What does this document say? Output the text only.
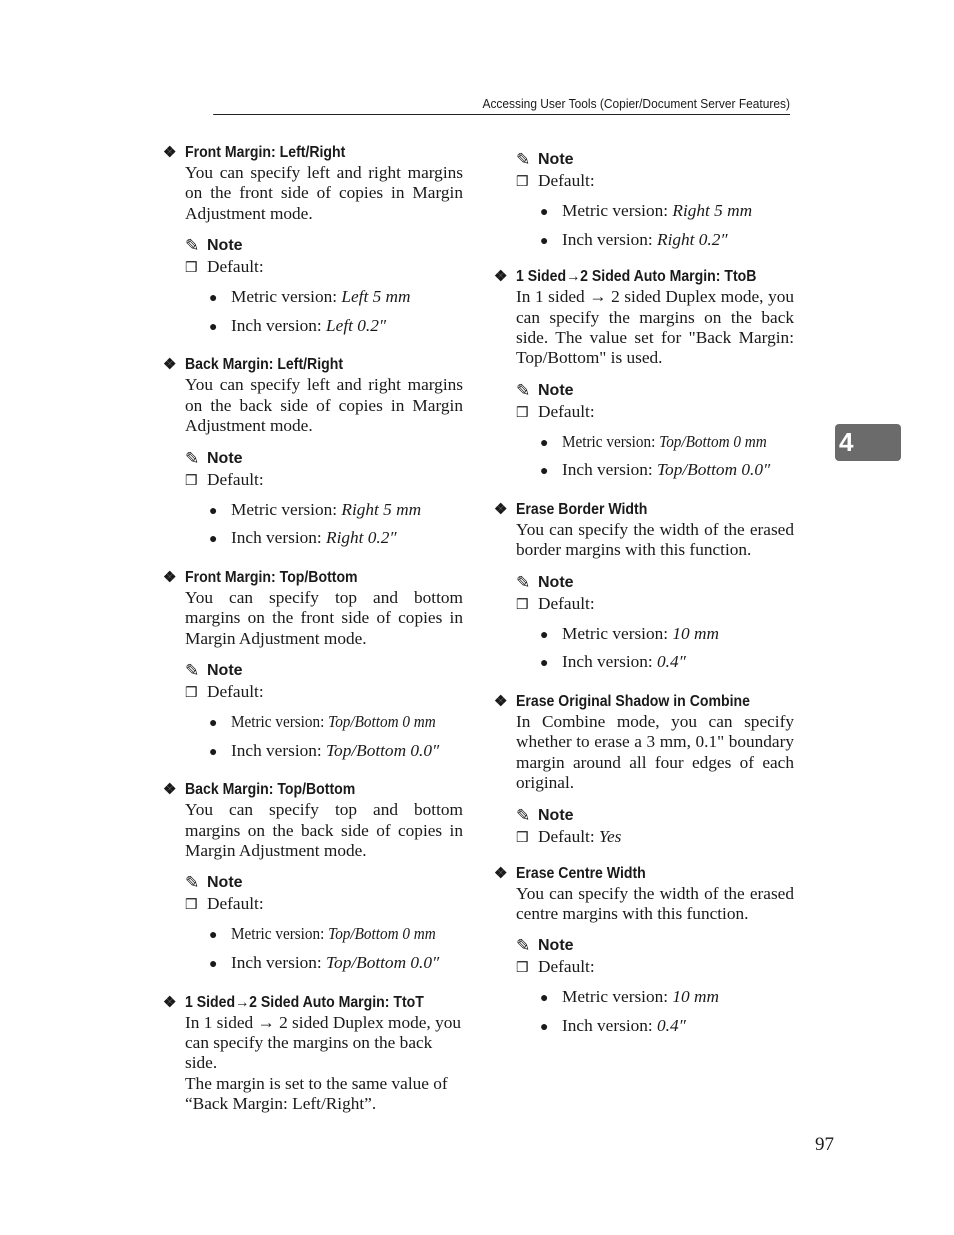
Accessing User Tools (Copier/Document Server Features)
4
❖ Front Margin: Left/Right
You can specify left and right margins on the front side of copies in Margin Adjustment mode.
✎ Note
❒ Default:
● Metric version: Left 5 mm
● Inch version: Left 0.2″
❖ Back Margin: Left/Right
You can specify left and right margins on the back side of copies in Margin Adjustment mode.
✎ Note
❒ Default:
● Metric version: Right 5 mm
● Inch version: Right 0.2″
❖ Front Margin: Top/Bottom
You can specify top and bottom margins on the front side of copies in Margin Adjustment mode.
✎ Note
❒ Default:
● Metric version: Top/Bottom 0 mm
● Inch version: Top/Bottom 0.0″
❖ Back Margin: Top/Bottom
You can specify top and bottom margins on the back side of copies in Margin Adjustment mode.
✎ Note
❒ Default:
● Metric version: Top/Bottom 0 mm
● Inch version: Top/Bottom 0.0″
❖ 1 Sided→2 Sided Auto Margin: TtoT
In 1 sided → 2 sided Duplex mode, you can specify the margins on the back side.
The margin is set to the same value of “Back Margin: Left/Right”.
✎ Note
❒ Default:
● Metric version: Right 5 mm
● Inch version: Right 0.2″
❖ 1 Sided→2 Sided Auto Margin: TtoB
In 1 sided → 2 sided Duplex mode, you can specify the margins on the back side. The value set for "Back Margin: Top/Bottom" is used.
✎ Note
❒ Default:
● Metric version: Top/Bottom 0 mm
● Inch version: Top/Bottom 0.0″
❖ Erase Border Width
You can specify the width of the erased border margins with this function.
✎ Note
❒ Default:
● Metric version: 10 mm
● Inch version: 0.4″
❖ Erase Original Shadow in Combine
In Combine mode, you can specify whether to erase a 3 mm, 0.1" boundary margin around all four edges of each original.
✎ Note
❒ Default: Yes
❖ Erase Centre Width
You can specify the width of the erased centre margins with this function.
✎ Note
❒ Default:
● Metric version: 10 mm
● Inch version: 0.4″
97
